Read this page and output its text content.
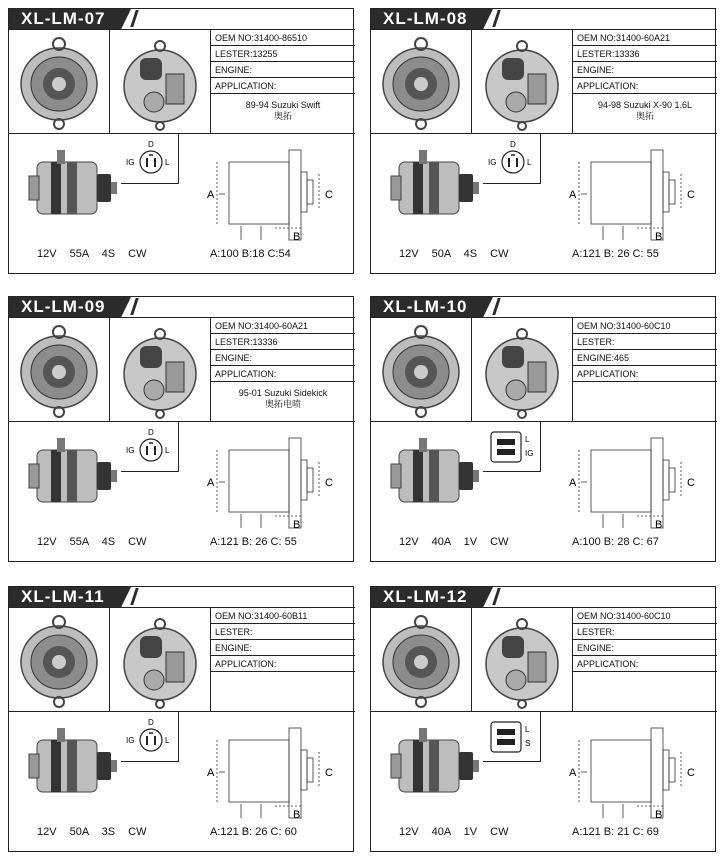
XL-LM-07
OEM NO:31400-86510
LESTER:13255
ENGINE:
APPLICATION:
89-94 Suzuki Swift
奥拓
D
IG	L
A
B
C
12V 55A 4S CW	A:100 B:18 C:54
XL-LM-08
OEM NO:31400-60A21
LESTER:13336
ENGINE:
APPLICATION:
94-98 Suzuki X-90 1.6L
奥拓
D
IG	L
A
B
C
12V 50A 4S CW	A:121 B: 26 C: 55
XL-LM-09
OEM NO:31400-60A21
LESTER:13336
ENGINE:
APPLICATION:
95-01 Suzuki Sidekick
奥拓电喷
D
IG	L
A
B
C
12V 55A 4S CW	A:121 B: 26 C: 55
XL-LM-10
OEM NO:31400-60C10
LESTER:
ENGINE:465
APPLICATION:
L
IG
A
B
C
12V 40A 1V CW	A:100 B: 28 C: 67
XL-LM-11
OEM NO:31400-60B11
LESTER:
ENGINE:
APPLICATION:
D
IG	L
A
B
C
12V 50A 3S CW	A:121 B: 26 C: 60
XL-LM-12
OEM NO:31400-60C10
LESTER:
ENGINE:
APPLICATION:
L
S
A
B
C
12V 40A 1V CW	A:121 B: 21 C: 69
